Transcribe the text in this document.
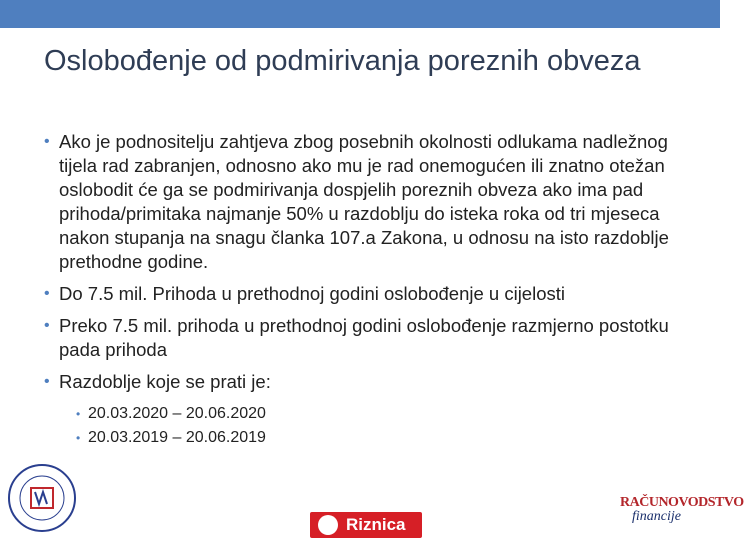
Oslobođenje od podmirivanja poreznih obveza
• Ako je podnositelju zahtjeva zbog posebnih okolnosti odlukama nadležnog tijela rad zabranjen, odnosno ako mu je rad onemogućen ili znatno otežan oslobodit će ga se podmirivanja dospjelih poreznih obveza ako ima pad prihoda/primitaka najmanje 50% u razdoblju do isteka roka od tri mjeseca nakon stupanja na snagu članka 107.a Zakona, u odnosu na isto razdoblje prethodne godine.
• Do 7.5 mil. Prihoda u prethodnoj godini oslobođenje u cijelosti
• Preko 7.5 mil. prihoda u prethodnoj godini oslobođenje razmjerno postotku pada prihoda
• Razdoblje koje se prati je:
• 20.03.2020 – 20.06.2020
• 20.03.2019 – 20.06.2019
Riznica
RAČUNOVODSTVO
financije
